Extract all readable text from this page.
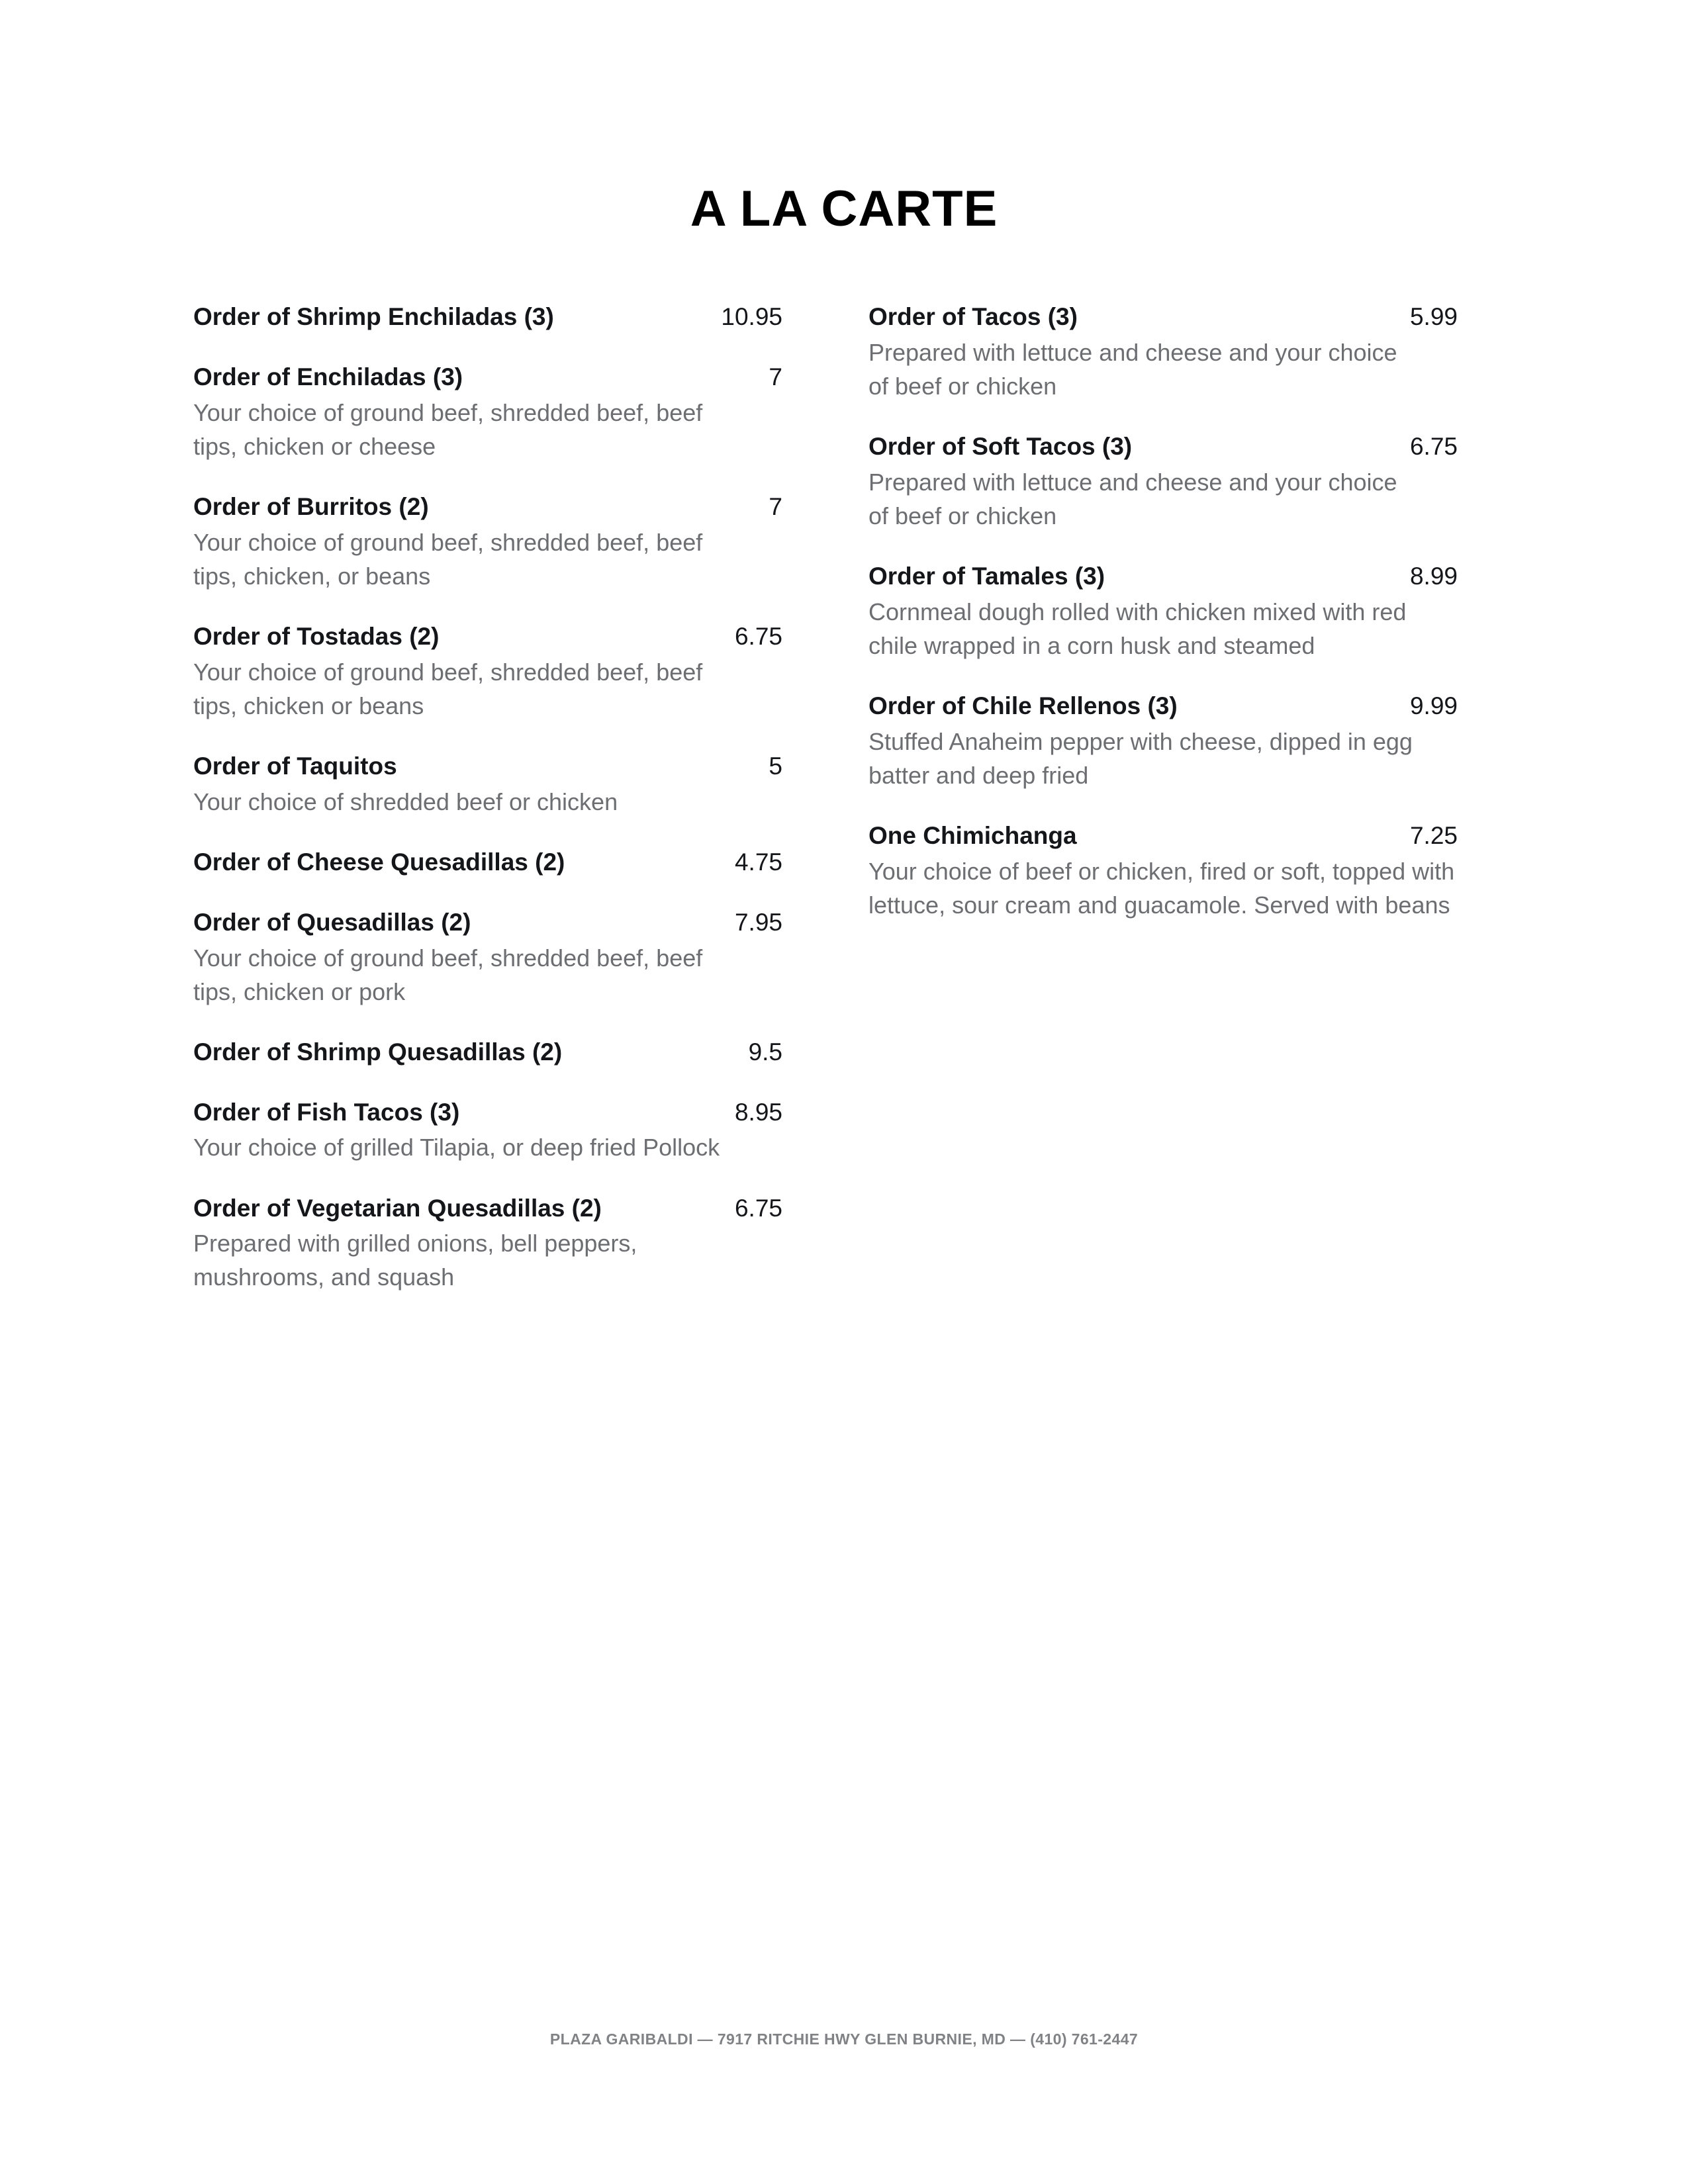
A LA CARTE
Order of Shrimp Enchiladas (3)	10.95
Order of Enchiladas (3)	7
Your choice of ground beef, shredded beef, beef tips, chicken or cheese
Order of Burritos (2)	7
Your choice of ground beef, shredded beef, beef tips, chicken, or beans
Order of Tostadas (2)	6.75
Your choice of ground beef, shredded beef, beef tips, chicken or beans
Order of Taquitos	5
Your choice of shredded beef or chicken
Order of Cheese Quesadillas (2)	4.75
Order of Quesadillas (2)	7.95
Your choice of ground beef, shredded beef, beef tips, chicken or pork
Order of Shrimp Quesadillas (2)	9.5
Order of Fish Tacos (3)	8.95
Your choice of grilled Tilapia, or deep fried Pollock
Order of Vegetarian Quesadillas (2)	6.75
Prepared with grilled onions, bell peppers, mushrooms, and squash
Order of Tacos (3)	5.99
Prepared with lettuce and cheese and your choice of beef or chicken
Order of Soft Tacos (3)	6.75
Prepared with lettuce and cheese and your choice of beef or chicken
Order of Tamales (3)	8.99
Cornmeal dough rolled with chicken mixed with red chile wrapped in a corn husk and steamed
Order of Chile Rellenos (3)	9.99
Stuffed Anaheim pepper with cheese, dipped in egg batter and deep fried
One Chimichanga	7.25
Your choice of beef or chicken, fired or soft, topped with lettuce, sour cream and guacamole. Served with beans
PLAZA GARIBALDI — 7917 RITCHIE HWY GLEN BURNIE, MD — (410) 761-2447
